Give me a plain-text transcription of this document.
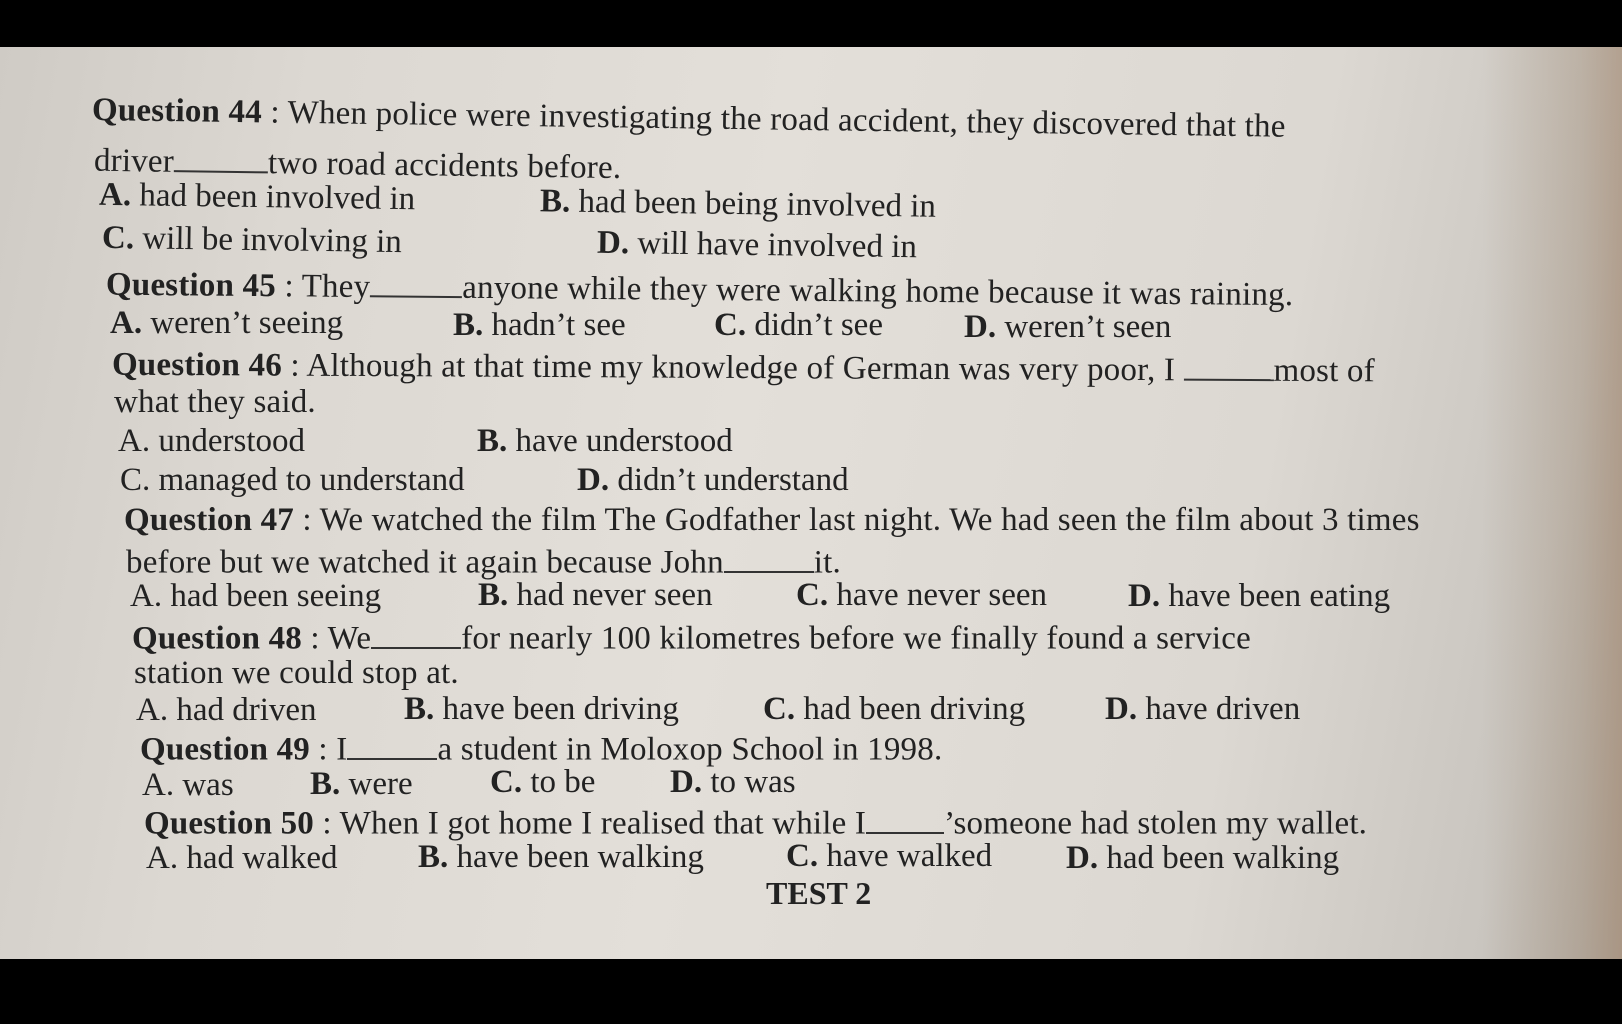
Question 44 : When police were investigating the road accident, they discovered that the
driver	two road accidents before.
A. had been involved in	B. had been being involved in
C. will be involving in	D. will have involved in
Question 45 : They	anyone while they were walking home because it was raining.
A. weren’t seeing	B. hadn’t see	C. didn’t see D. weren’t seen
Question 46 : Although at that time my knowledge of German was very poor, I	most of
what they said.
A. understood	B. have understood
C. managed to understand	D. didn’t understand
Question 47 : We watched the film The Godfather last night. We had seen the film about 3 times
before but we watched it again because John	it.
A. had been seeing	B. had never seen	C. have never seen D. have been eating
Question 48 : We	for nearly 100 kilometres before we finally found a service
station we could stop at.
A. had driven	B. have been driving	C. had been driving D. have driven
Question 49 : I	a student in Moloxop School in 1998.
A. was B. were C. to be D. to was
Question 50 : When I got home I realised that while I ’someone had stolen my wallet.
A. had walked B. have been walking C. have walked D. had been walking
TEST 2
